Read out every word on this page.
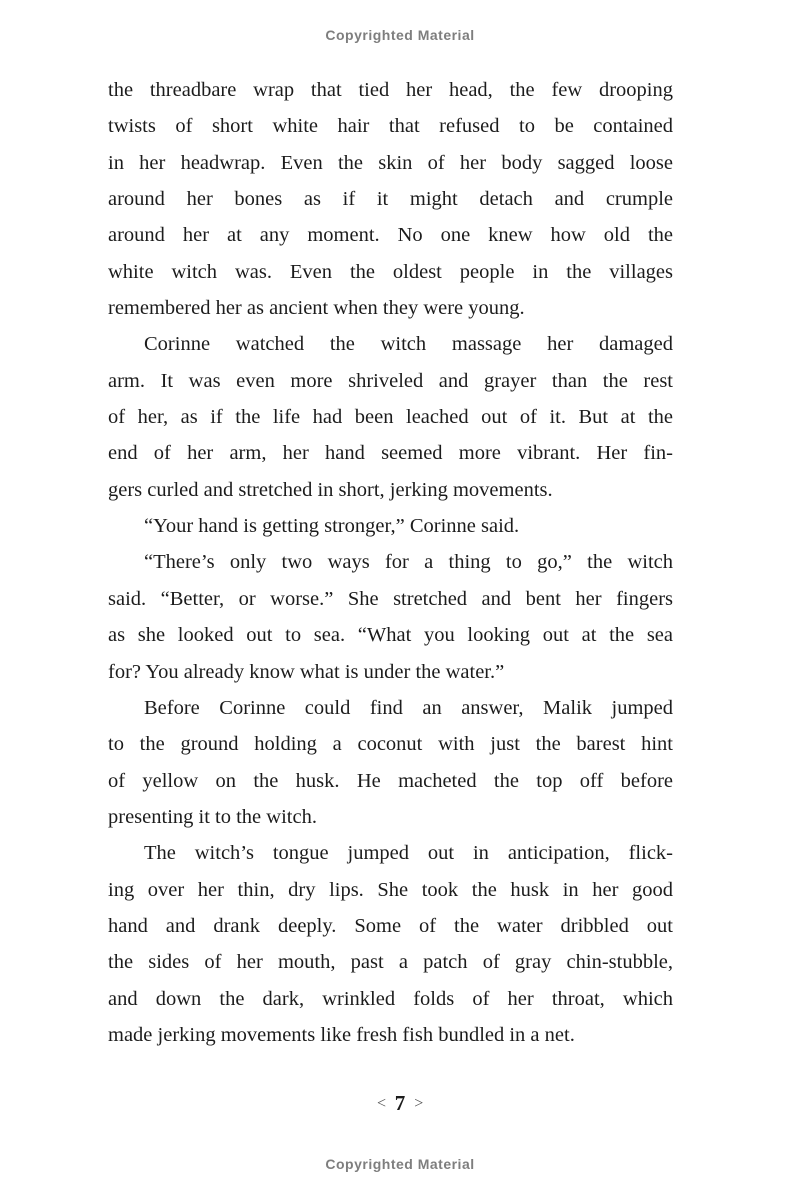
Copyrighted Material
the threadbare wrap that tied her head, the few drooping
twists of short white hair that refused to be contained
in her headwrap. Even the skin of her body sagged loose
around her bones as if it might detach and crumple
around her at any moment. No one knew how old the
white witch was. Even the oldest people in the villages
remembered her as ancient when they were young.
Corinne watched the witch massage her damaged
arm. It was even more shriveled and grayer than the rest
of her, as if the life had been leached out of it. But at the
end of her arm, her hand seemed more vibrant. Her fin-
gers curled and stretched in short, jerking movements.
“Your hand is getting stronger,” Corinne said.
“There’s only two ways for a thing to go,” the witch
said. “Better, or worse.” She stretched and bent her fingers
as she looked out to sea. “What you looking out at the sea
for? You already know what is under the water.”
Before Corinne could find an answer, Malik jumped
to the ground holding a coconut with just the barest hint
of yellow on the husk. He macheted the top off before
presenting it to the witch.
The witch’s tongue jumped out in anticipation, flick-
ing over her thin, dry lips. She took the husk in her good
hand and drank deeply. Some of the water dribbled out
the sides of her mouth, past a patch of gray chin-stubble,
and down the dark, wrinkled folds of her throat, which
made jerking movements like fresh fish bundled in a net.
< 7 >
Copyrighted Material
